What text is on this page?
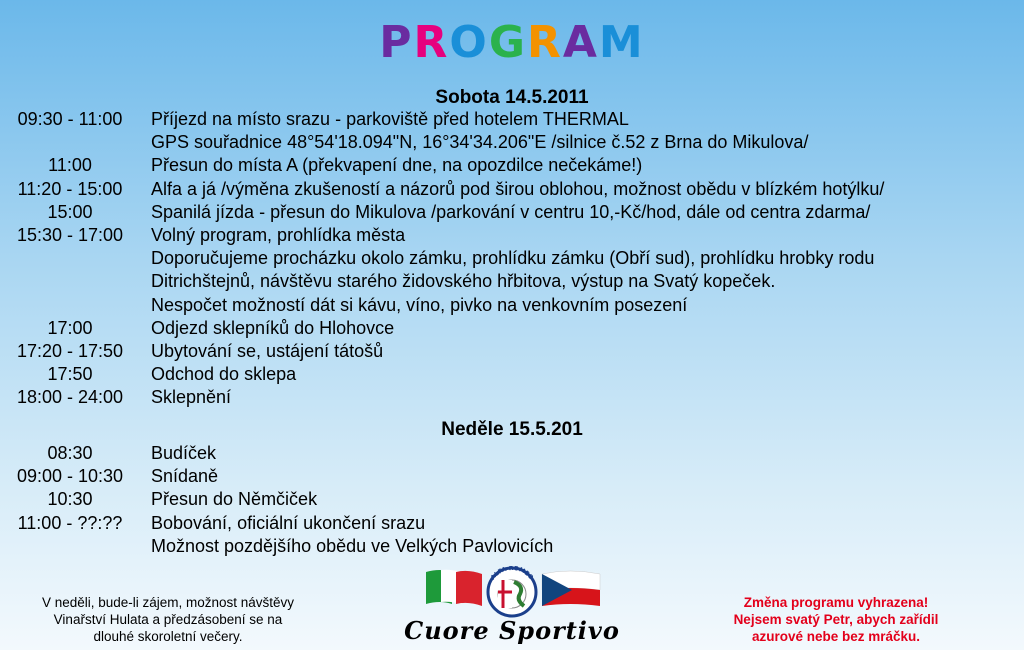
PROGRAM
Sobota 14.5.2011
09:30 - 11:00	Příjezd na místo srazu - parkoviště před hotelem THERMAL
GPS souřadnice 48°54'18.094"N, 16°34'34.206"E /silnice č.52 z Brna do Mikulova/
11:00	Přesun do místa A (překvapení dne, na opozdilce nečekáme!)
11:20 - 15:00	Alfa a já /výměna zkušeností a názorů pod širou oblohou, možnost obědu v blízkém hotýlku/
15:00	Spanilá jízda - přesun do Mikulova /parkování v centru 10,-Kč/hod, dále od centra zdarma/
15:30 - 17:00	Volný program, prohlídka města
Doporučujeme procházku okolo zámku, prohlídku zámku (Obří sud), prohlídku hrobky rodu
Ditrichštejnů, návštěvu starého židovského hřbitova, výstup na Svatý kopeček.
Nespočet možností dát si kávu, víno, pivko na venkovním posezení
17:00	Odjezd sklepníků do Hlohovce
17:20 - 17:50	Ubytování se, ustájení tátošů
17:50	Odchod do sklepa
18:00 - 24:00	Sklepnění
Neděle 15.5.201
08:30	Budíček
09:00 - 10:30	Snídaně
10:30	Přesun do Němčiček
11:00 - ??:??	Bobování, oficiální ukončení srazu
Možnost pozdějšího obědu ve Velkých Pavlovicích
V neděli, bude-li zájem, možnost návštěvy
Vinařství Hulata a předzásobení se na
dlouhé skoroletní večery.
ALFA ROMEO
Cuore Sportivo
Změna programu vyhrazena!
Nejsem svatý Petr, abych zařídil
azurové nebe bez mráčku.
